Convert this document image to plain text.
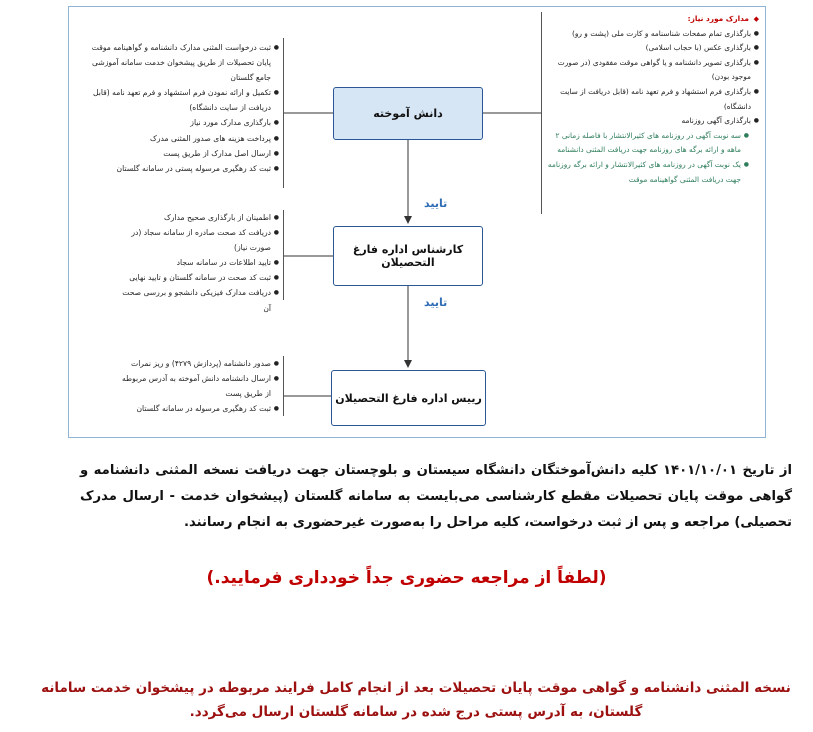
دانش آموخته
کارشناس اداره فارغ التحصیلان
رییس اداره فارغ التحصیلان
تایید
تایید
● ثبت درخواست المثنی مدارک دانشنامه و گواهینامه موقت پایان تحصیلات از طریق پیشخوان خدمت سامانه آموزشی جامع گلستان
● تکمیل و ارائه نمودن فرم استشهاد و فرم تعهد نامه (قابل دریافت از سایت دانشگاه)
● بارگذاری مدارک مورد نیاز
● پرداخت هزینه های صدور المثنی مدرک
● ارسال اصل مدارک از طریق پست
● ثبت کد رهگیری مرسوله پستی در سامانه گلستان
◆ مدارک مورد نیاز:
● بارگذاری تمام صفحات شناسنامه و کارت ملی (پشت و رو)
● بارگذاری عکس (با حجاب اسلامی)
● بارگذاری تصویر دانشنامه و یا گواهی موقت مفقودی (در صورت موجود بودن)
● بارگذاری فرم استشهاد و فرم تعهد نامه (قابل دریافت از سایت دانشگاه)
● بارگذاری آگهی روزنامه
● سه نوبت آگهی در روزنامه های کثیرالانتشار با فاصله زمانی ۲ ماهه و ارائه برگه های روزنامه جهت دریافت المثنی دانشنامه
● یک نوبت آگهی در روزنامه های کثیرالانتشار و ارائه برگه روزنامه جهت دریافت المثنی گواهینامه موقت
● اطمینان از بارگذاری صحیح مدارک
● دریافت کد صحت صادره از سامانه سجاد (در صورت نیاز)
● تایید اطلاعات در سامانه سجاد
● ثبت کد صحت در سامانه گلستان و تایید نهایی
● دریافت مدارک فیزیکی دانشجو و بررسی صحت آن
● صدور دانشنامه (پردازش ۴۲۷۹) و ریز نمرات
● ارسال دانشنامه دانش آموخته به آدرس مربوطه از طریق پست
● ثبت کد رهگیری مرسوله در سامانه گلستان
از تاریخ ۱۴۰۱/۱۰/۰۱ کلیه دانش‌آموختگان دانشگاه سیستان و بلوچستان جهت دریافت نسخه المثنی دانشنامه و گواهی موقت پایان تحصیلات مقطع کارشناسی می‌بایست به سامانه گلستان (پیشخوان خدمت - ارسال مدرک تحصیلی) مراجعه و پس از ثبت درخواست، کلیه مراحل را به‌صورت غیرحضوری به انجام رسانند.
(لطفاً از مراجعه حضوری جداً خودداری فرمایید.)
نسخه المثنی دانشنامه و گواهی موقت پایان تحصیلات بعد از انجام کامل فرایند مربوطه در پیشخوان خدمت سامانه گلستان، به آدرس پستی درج شده در سامانه گلستان ارسال می‌گردد.
